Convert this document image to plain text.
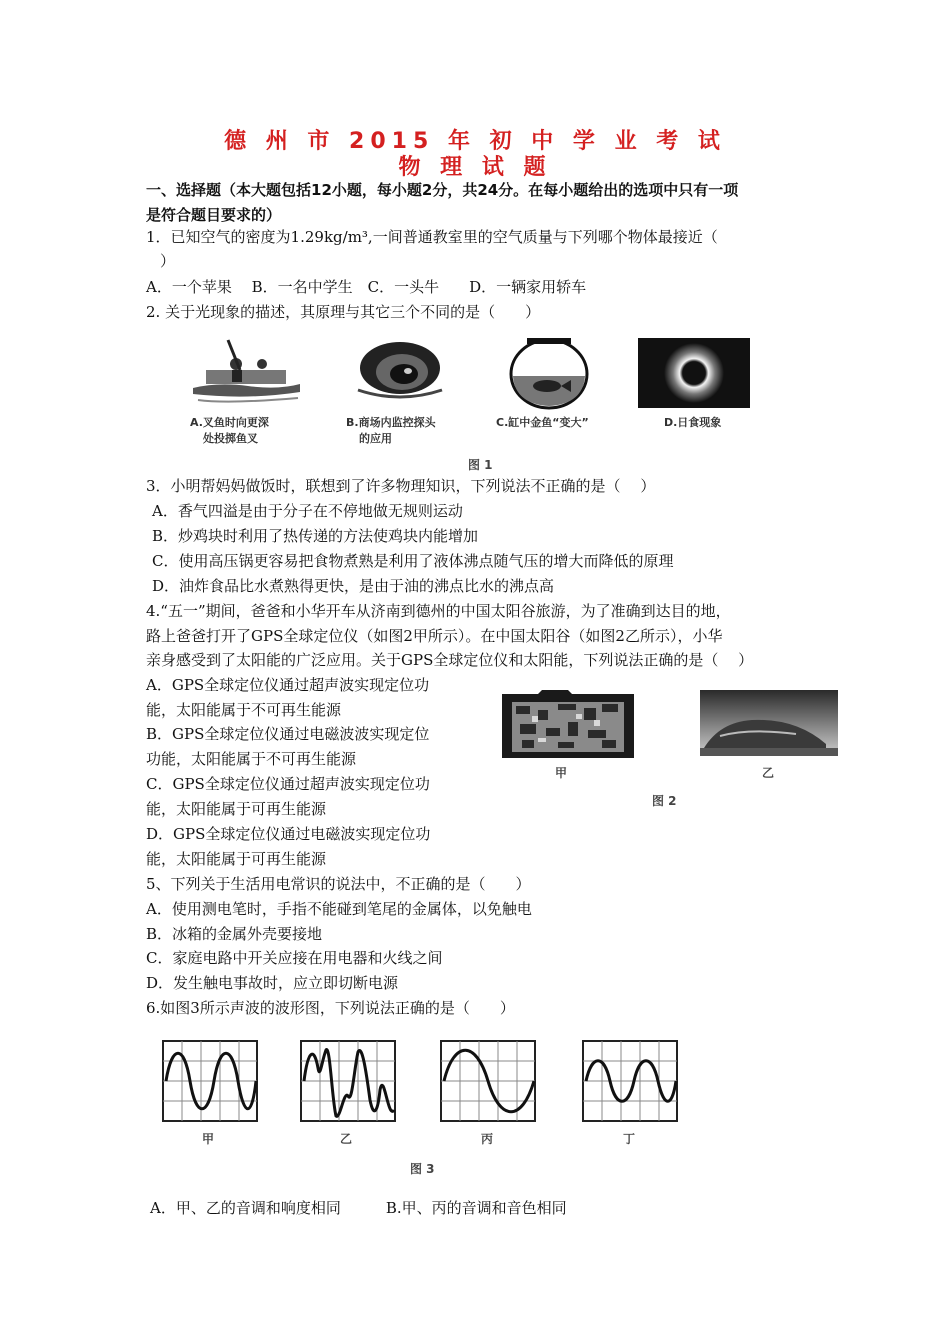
德 州 市 2015 年 初 中 学 业 考 试
物 理 试 题
一、选择题（本大题包括12小题，每小题2分，共24分。在每小题给出的选项中只有一项
是符合题目要求的）
1．已知空气的密度为1.29kg/m³,一间普通教室里的空气质量与下列哪个物体最接近（
）
A．一个苹果　 B．一名中学生　C．一头牛　　D．一辆家用轿车
2. 关于光现象的描述，其原理与其它三个不同的是（　　）
A.叉鱼时向更深
处投掷鱼叉
B.商场内监控探头
的应用
C.缸中金鱼“变大”	D.日食现象
图 1
3．小明帮妈妈做饭时，联想到了许多物理知识，下列说法不正确的是（　 ）
A．香气四溢是由于分子在不停地做无规则运动
B．炒鸡块时利用了热传递的方法使鸡块内能增加
C．使用高压锅更容易把食物煮熟是利用了液体沸点随气压的增大而降低的原理
D．油炸食品比水煮熟得更快，是由于油的沸点比水的沸点高
4.“五一”期间，爸爸和小华开车从济南到德州的中国太阳谷旅游，为了准确到达目的地，
路上爸爸打开了GPS全球定位仪（如图2甲所示）。在中国太阳谷（如图2乙所示），小华
亲身感受到了太阳能的广泛应用。关于GPS全球定位仪和太阳能，下列说法正确的是（　 ）
A．GPS全球定位仪通过超声波实现定位功
能，太阳能属于不可再生能源
B．GPS全球定位仪通过电磁波波实现定位
功能，太阳能属于不可再生能源
C．GPS全球定位仪通过超声波实现定位功
能，太阳能属于可再生能源
D．GPS全球定位仪通过电磁波实现定位功
能，太阳能属于可再生能源
甲	乙
图 2
5、下列关于生活用电常识的说法中，不正确的是（　　）
A．使用测电笔时，手指不能碰到笔尾的金属体，以免触电
B．冰箱的金属外壳要接地
C．家庭电路中开关应接在用电器和火线之间
D．发生触电事故时，应立即切断电源
6.如图3所示声波的波形图，下列说法正确的是（　　）
甲	乙	丙	丁
图 3
A．甲、乙的音调和响度相同　　　B.甲、丙的音调和音色相同
